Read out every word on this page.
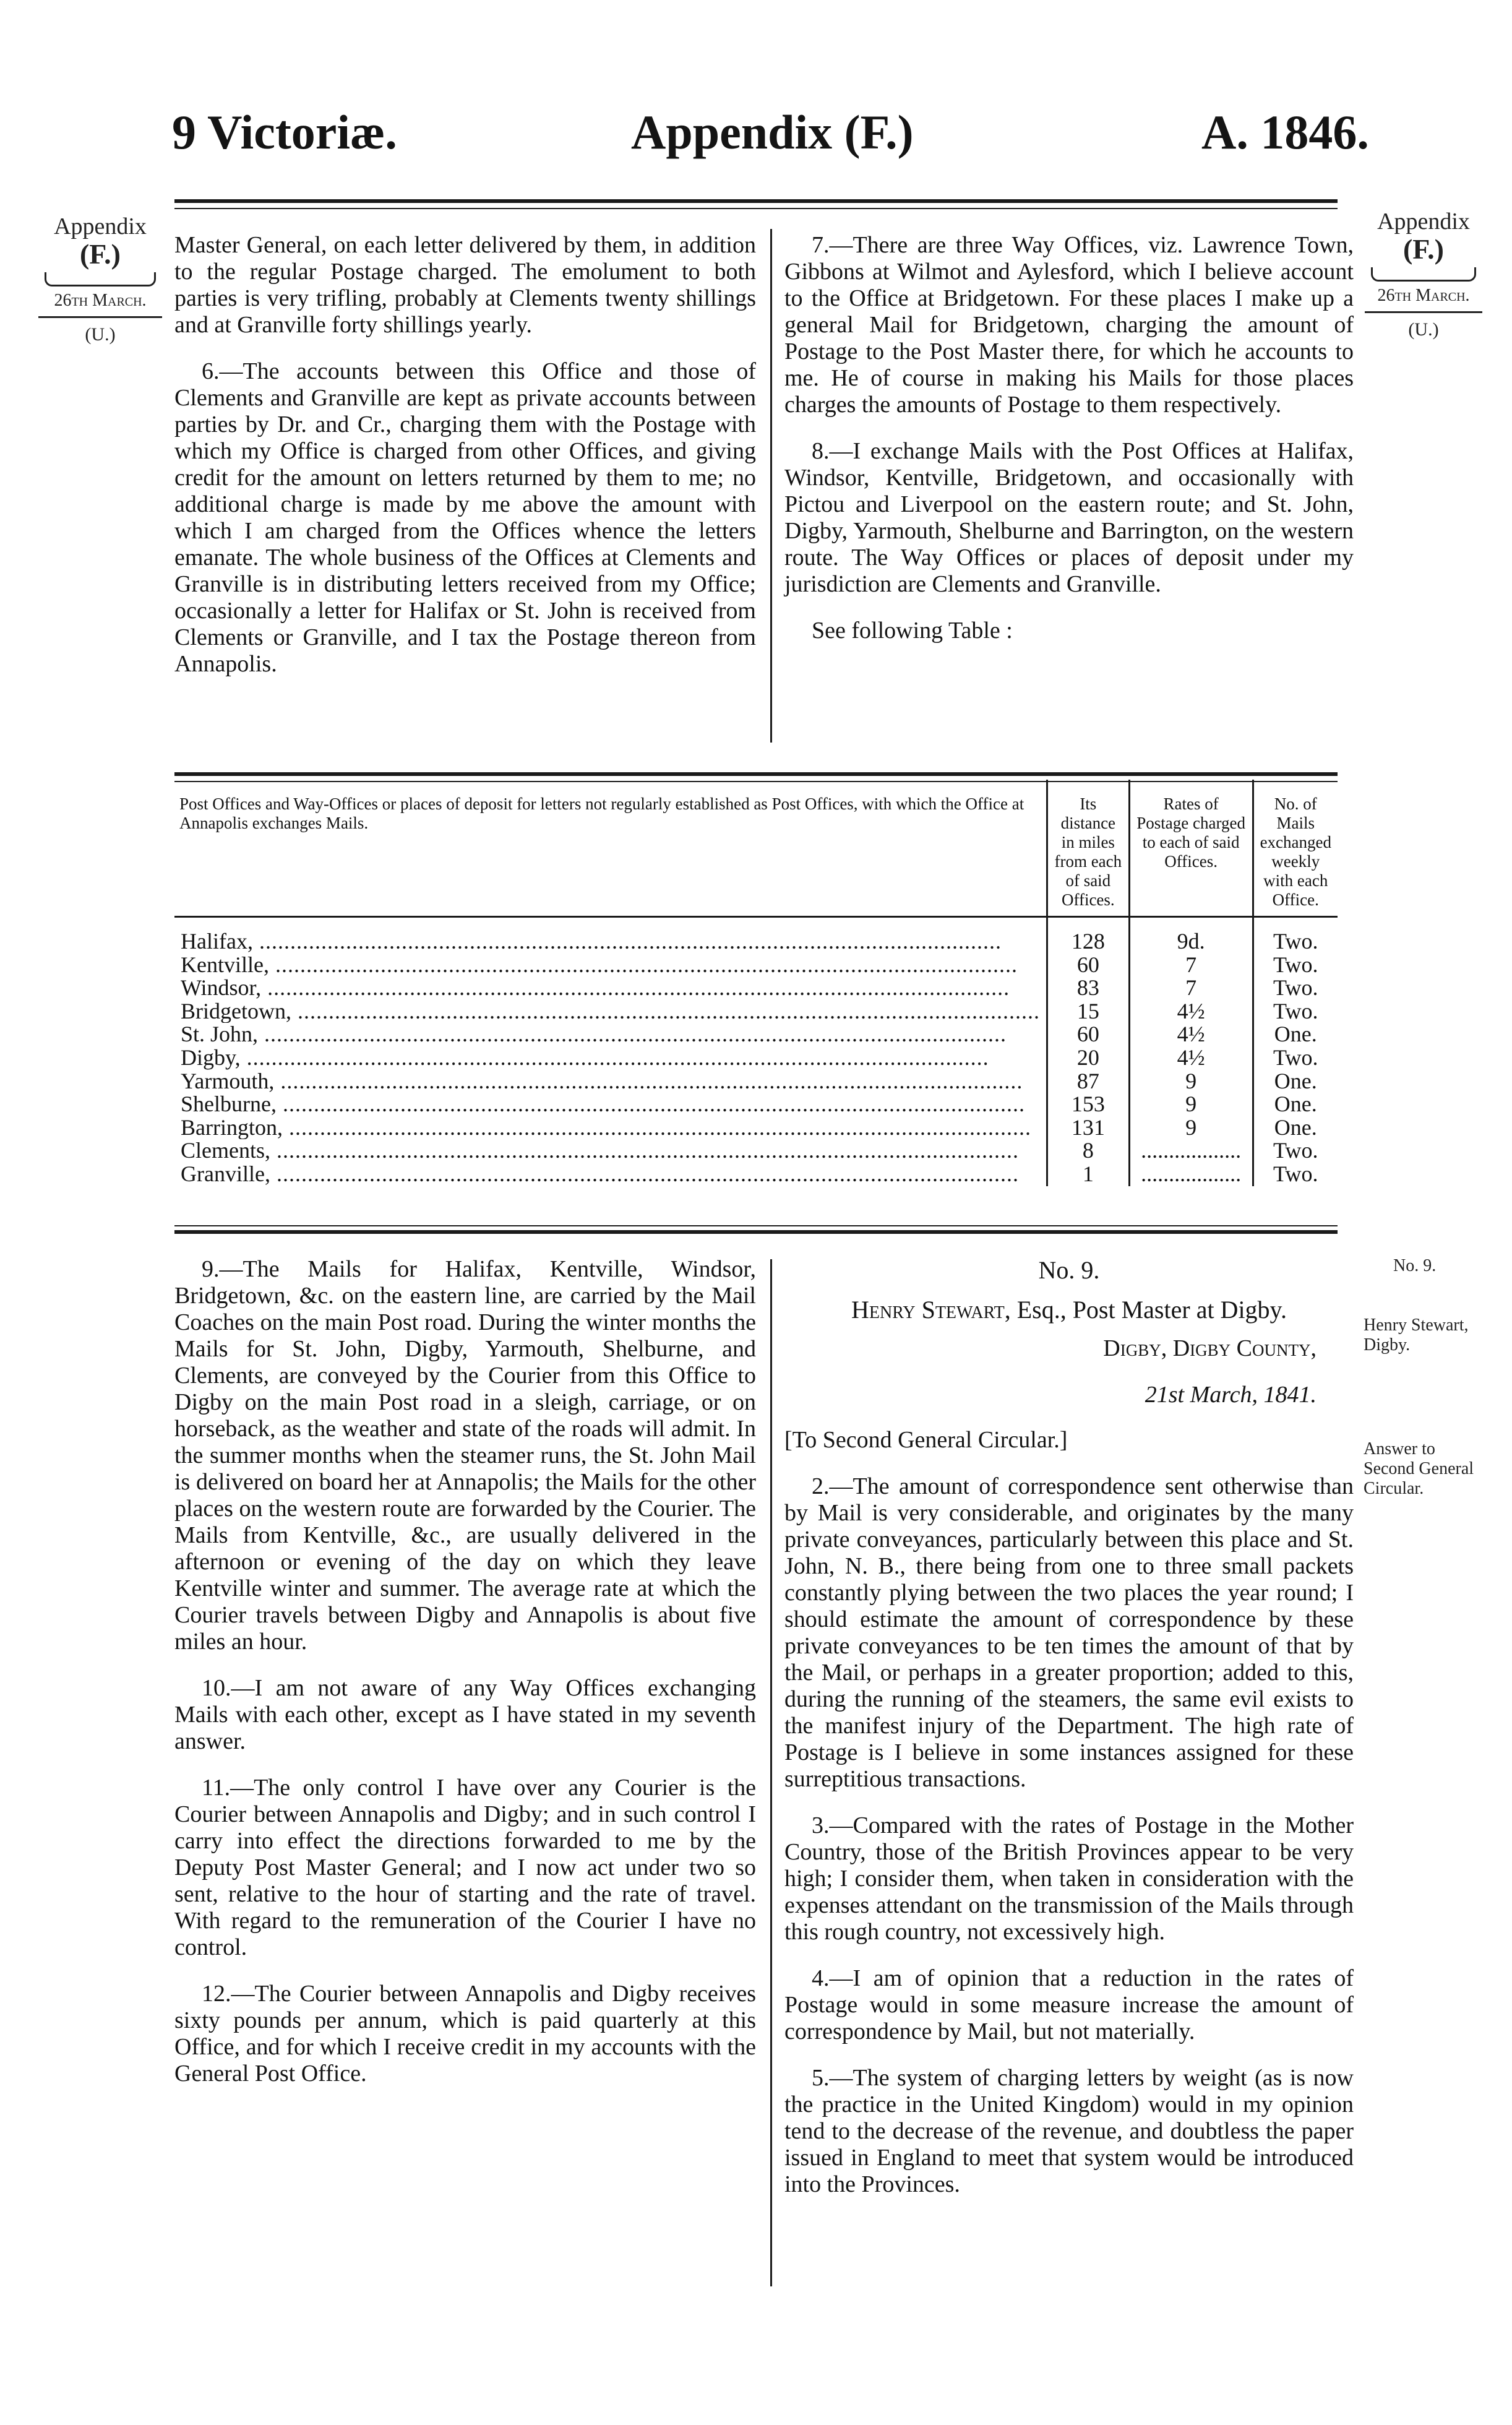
9 Victoriæ.	Appendix (F.)	A. 1846.
Appendix
(F.)
26th March.
(U.)
Appendix
(F.)
26th March.
(U.)

Master General, on each letter delivered by them, in addition to the regular Postage charged. The emolument to both parties is very trifling, probably at Clements twenty shillings and at Granville forty shillings yearly.

6.—The accounts between this Office and those of Clements and Granville are kept as private accounts between parties by Dr. and Cr., charging them with the Postage with which my Office is charged from other Offices, and giving credit for the amount on letters returned by them to me; no additional charge is made by me above the amount with which I am charged from the Offices whence the letters emanate. The whole business of the Offices at Clements and Granville is in distributing letters received from my Office; occasionally a letter for Halifax or St. John is received from Clements or Granville, and I tax the Postage thereon from Annapolis.

7.—There are three Way Offices, viz. Lawrence Town, Gibbons at Wilmot and Aylesford, which I believe account to the Office at Bridgetown. For these places I make up a general Mail for Bridgetown, charging the amount of Postage to the Post Master there, for which he accounts to me. He of course in making his Mails for those places charges the amounts of Postage to them respectively.

8.—I exchange Mails with the Post Offices at Halifax, Windsor, Kentville, Bridgetown, and occasionally with Pictou and Liverpool on the eastern route; and St. John, Digby, Yarmouth, Shelburne and Barrington, on the western route. The Way Offices or places of deposit under my jurisdiction are Clements and Granville.

See following Table :

Post Offices and Way-Offices or places of deposit for letters not regularly established as Post Offices, with which the Office at Annapolis exchanges Mails.	Its distance in miles from each of said Offices.	Rates of Postage charged to each of said Offices.	No. of Mails exchanged weekly with each Office.

Halifax, ........................................................................................................................	128	9d.	Two.
Kentville, ........................................................................................................................	60	7	Two.
Windsor, ........................................................................................................................	83	7	Two.
Bridgetown, ........................................................................................................................	15	4½	Two.
St. John, ........................................................................................................................	60	4½	One.
Digby, ........................................................................................................................	20	4½	Two.
Yarmouth, ........................................................................................................................	87	9	One.
Shelburne, ........................................................................................................................	153	9	One.
Barrington, ........................................................................................................................	131	9	One.
Clements, ........................................................................................................................	8	..................	Two.
Granville, ........................................................................................................................	1	..................	Two.

9.—The Mails for Halifax, Kentville, Windsor, Bridgetown, &c. on the eastern line, are carried by the Mail Coaches on the main Post road. During the winter months the Mails for St. John, Digby, Yarmouth, Shelburne, and Clements, are conveyed by the Courier from this Office to Digby on the main Post road in a sleigh, carriage, or on horseback, as the weather and state of the roads will admit. In the summer months when the steamer runs, the St. John Mail is delivered on board her at Annapolis; the Mails for the other places on the western route are forwarded by the Courier. The Mails from Kentville, &c., are usually delivered in the afternoon or evening of the day on which they leave Kentville winter and summer. The average rate at which the Courier travels between Digby and Annapolis is about five miles an hour.

10.—I am not aware of any Way Offices exchanging Mails with each other, except as I have stated in my seventh answer.

11.—The only control I have over any Courier is the Courier between Annapolis and Digby; and in such control I carry into effect the directions forwarded to me by the Deputy Post Master General; and I now act under two so sent, relative to the hour of starting and the rate of travel. With regard to the remuneration of the Courier I have no control.

12.—The Courier between Annapolis and Digby receives sixty pounds per annum, which is paid quarterly at this Office, and for which I receive credit in my accounts with the General Post Office.

No. 9.
Henry Stewart, Esq., Post Master at Digby.

Digby, Digby County,

21st March, 1841.

[To Second General Circular.]

2.—The amount of correspondence sent otherwise than by Mail is very considerable, and originates by the many private conveyances, particularly between this place and St. John, N. B., there being from one to three small packets constantly plying between the two places the year round; I should estimate the amount of correspondence by these private conveyances to be ten times the amount of that by the Mail, or perhaps in a greater proportion; added to this, during the running of the steamers, the same evil exists to the manifest injury of the Department. The high rate of Postage is I believe in some instances assigned for these surreptitious transactions.

3.—Compared with the rates of Postage in the Mother Country, those of the British Provinces appear to be very high; I consider them, when taken in consideration with the expenses attendant on the transmission of the Mails through this rough country, not excessively high.

4.—I am of opinion that a reduction in the rates of Postage would in some measure increase the amount of correspondence by Mail, but not materially.

5.—The system of charging letters by weight (as is now the practice in the United Kingdom) would in my opinion tend to the decrease of the revenue, and doubtless the paper issued in England to meet that system would be introduced into the Provinces.

No. 9.
Henry Stewart, Digby.
Answer to Second General Circular.
